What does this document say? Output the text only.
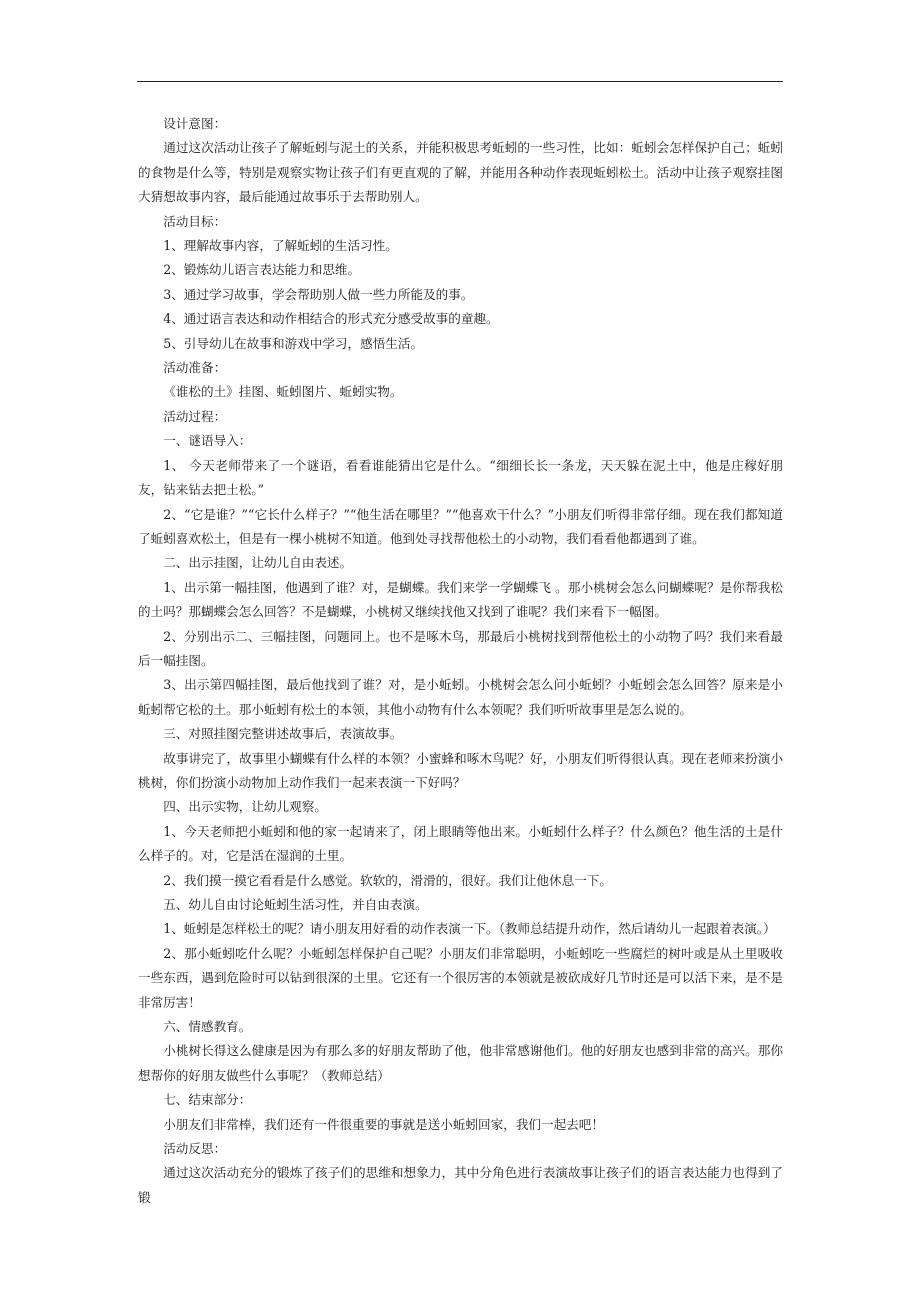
设计意图：

通过这次活动让孩子了解蚯蚓与泥土的关系，并能积极思考蚯蚓的一些习性，比如：蚯蚓会怎样保护自己；蚯蚓的食物是什么等，特别是观察实物让孩子们有更直观的了解，并能用各种动作表现蚯蚓松土。活动中让孩子观察挂图大猜想故事内容，最后能通过故事乐于去帮助别人。

活动目标：

1、理解故事内容，了解蚯蚓的生活习性。

2、锻炼幼儿语言表达能力和思维。

3、通过学习故事，学会帮助别人做一些力所能及的事。

4、通过语言表达和动作相结合的形式充分感受故事的童趣。

5、引导幼儿在故事和游戏中学习，感悟生活。

活动准备：

《谁松的土》挂图、蚯蚓图片、蚯蚓实物。

活动过程：

一、谜语导入：

1、 今天老师带来了一个谜语，看看谁能猜出它是什么。“细细长长一条龙，天天躲在泥土中，他是庄稼好朋友，钻来钻去把土松。”

2、“它是谁？”“它长什么样子？”“他生活在哪里？”“他喜欢干什么？”小朋友们听得非常仔细。现在我们都知道了蚯蚓喜欢松土，但是有一棵小桃树不知道。他到处寻找帮他松土的小动物，我们看看他都遇到了谁。

二、出示挂图，让幼儿自由表述。

1、出示第一幅挂图，他遇到了谁？对，是蝴蝶。我们来学一学蝴蝶飞 。那小桃树会怎么问蝴蝶呢？是你帮我松的土吗？那蝴蝶会怎么回答？不是蝴蝶，小桃树又继续找他又找到了谁呢？我们来看下一幅图。

2、分别出示二、三幅挂图，问题同上。也不是啄木鸟，那最后小桃树找到帮他松土的小动物了吗？我们来看最后一幅挂图。

3、出示第四幅挂图，最后他找到了谁？对，是小蚯蚓。小桃树会怎么问小蚯蚓？小蚯蚓会怎么回答？原来是小蚯蚓帮它松的土。那小蚯蚓有松土的本领，其他小动物有什么本领呢？我们听听故事里是怎么说的。

三、对照挂图完整讲述故事后，表演故事。

故事讲完了，故事里小蝴蝶有什么样的本领？小蜜蜂和啄木鸟呢？好，小朋友们听得很认真。现在老师来扮演小桃树，你们扮演小动物加上动作我们一起来表演一下好吗？

四、出示实物，让幼儿观察。

1、今天老师把小蚯蚓和他的家一起请来了，闭上眼睛等他出来。小蚯蚓什么样子？什么颜色？他生活的土是什么样子的。对，它是活在湿润的土里。

2、我们摸一摸它看看是什么感觉。软软的，滑滑的，很好。我们让他休息一下。

五、幼儿自由讨论蚯蚓生活习性，并自由表演。

1、蚯蚓是怎样松土的呢？请小朋友用好看的动作表演一下。（教师总结提升动作，然后请幼儿一起跟着表演。）

2、那小蚯蚓吃什么呢？小蚯蚓怎样保护自己呢？小朋友们非常聪明，小蚯蚓吃一些腐烂的树叶或是从土里吸收一些东西，遇到危险时可以钻到很深的土里。它还有一个很厉害的本领就是被砍成好几节时还是可以活下来，是不是非常厉害！

六、情感教育。

小桃树长得这么健康是因为有那么多的好朋友帮助了他，他非常感谢他们。他的好朋友也感到非常的高兴。那你想帮你的好朋友做些什么事呢？（教师总结）

七、结束部分：

小朋友们非常棒，我们还有一件很重要的事就是送小蚯蚓回家，我们一起去吧！

活动反思：

通过这次活动充分的锻炼了孩子们的思维和想象力，其中分角色进行表演故事让孩子们的语言表达能力也得到了锻
